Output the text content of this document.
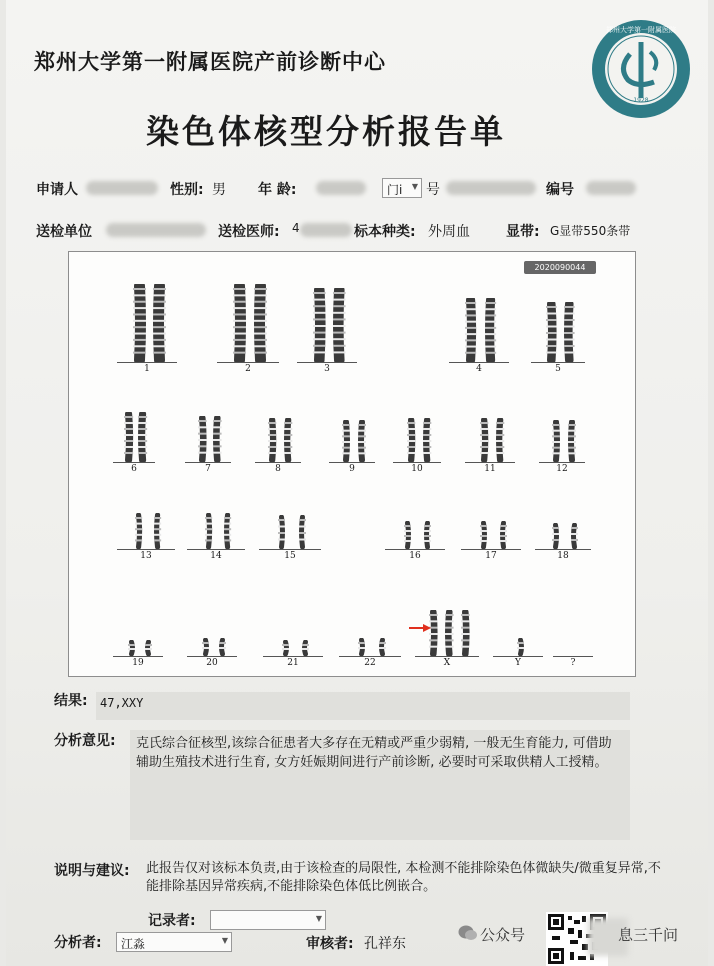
郑州大学第一附属医院产前诊断中心
郑州大学第一附属医院
1928
染色体核型分析报告单
申请人	性别: 男 年 龄:	门i ▼ 号	编号
送检单位	送检医师: 4	标本种类: 外周血	显带: G显带550条带
2020090044
1	2	3	4	5
6	7	8	9	10	11	12
13	14	15	16	17	18
19	20	21	22	X	Y	?
结果:	47,XXY
分析意见:	克氏综合征核型,该综合征患者大多存在无精或严重少弱精, 一般无生育能力, 可借助辅助生殖技术进行生育, 女方妊娠期间进行产前诊断, 必要时可采取供精人工授精。
说明与建议: 此报告仅对该标本负责,由于该检查的局限性, 本检测不能排除染色体微缺失/微重复异常,不能排除基因异常疾病,不能排除染色体低比例嵌合。
记录者:	▼
分析者:	江淼	▼	审核者: 孔祥东	公众号	息三千问
